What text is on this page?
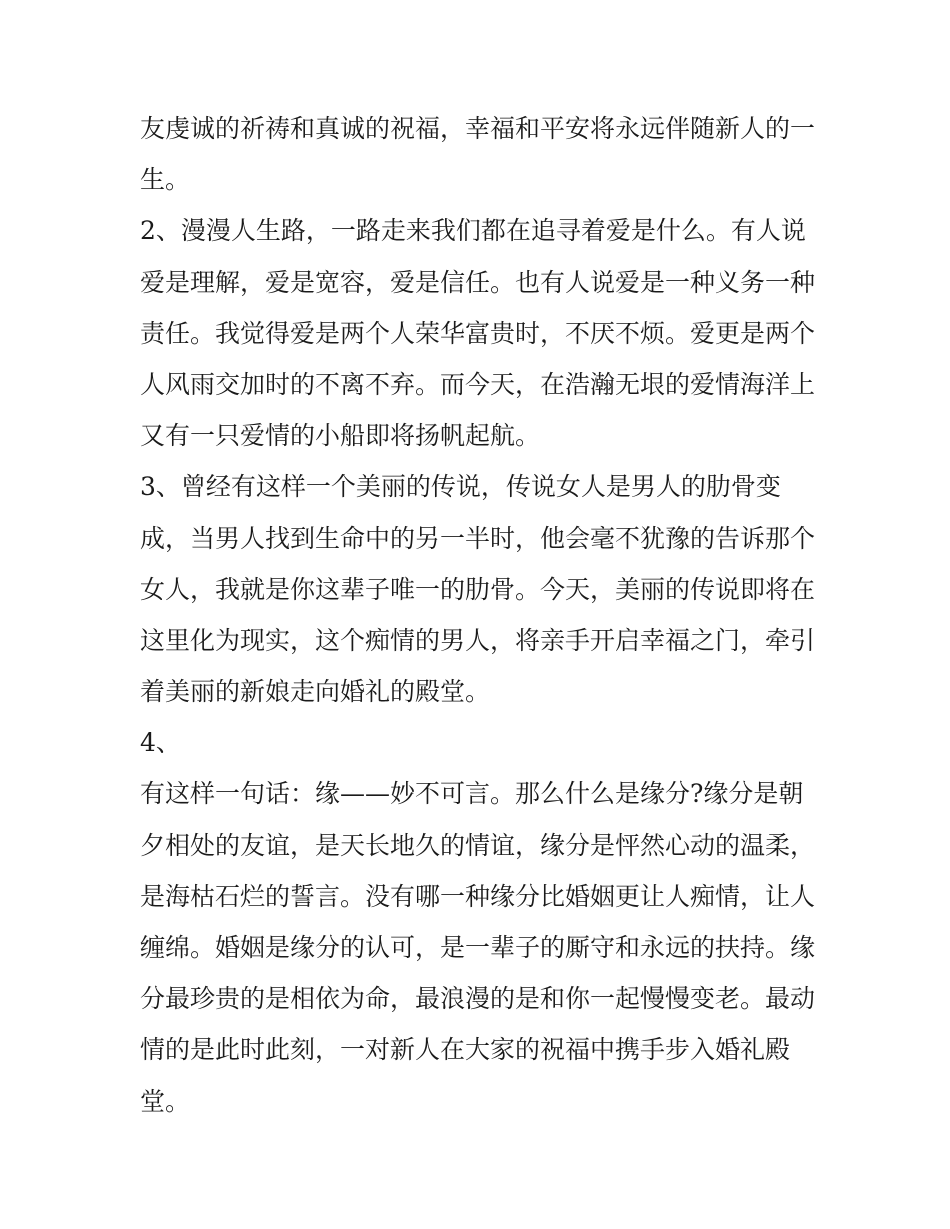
友虔诚的祈祷和真诚的祝福，幸福和平安将永远伴随新人的一
生。
2、漫漫人生路，一路走来我们都在追寻着爱是什么。有人说
爱是理解，爱是宽容，爱是信任。也有人说爱是一种义务一种
责任。我觉得爱是两个人荣华富贵时，不厌不烦。爱更是两个
人风雨交加时的不离不弃。而今天，在浩瀚无垠的爱情海洋上
又有一只爱情的小船即将扬帆起航。
3、曾经有这样一个美丽的传说，传说女人是男人的肋骨变
成，当男人找到生命中的另一半时，他会毫不犹豫的告诉那个
女人，我就是你这辈子唯一的肋骨。今天，美丽的传说即将在
这里化为现实，这个痴情的男人，将亲手开启幸福之门，牵引
着美丽的新娘走向婚礼的殿堂。
4、
有这样一句话：缘——妙不可言。那么什么是缘分?缘分是朝
夕相处的友谊，是天长地久的情谊，缘分是怦然心动的温柔，
是海枯石烂的誓言。没有哪一种缘分比婚姻更让人痴情，让人
缠绵。婚姻是缘分的认可，是一辈子的厮守和永远的扶持。缘
分最珍贵的是相依为命，最浪漫的是和你一起慢慢变老。最动
情的是此时此刻，一对新人在大家的祝福中携手步入婚礼殿
堂。
